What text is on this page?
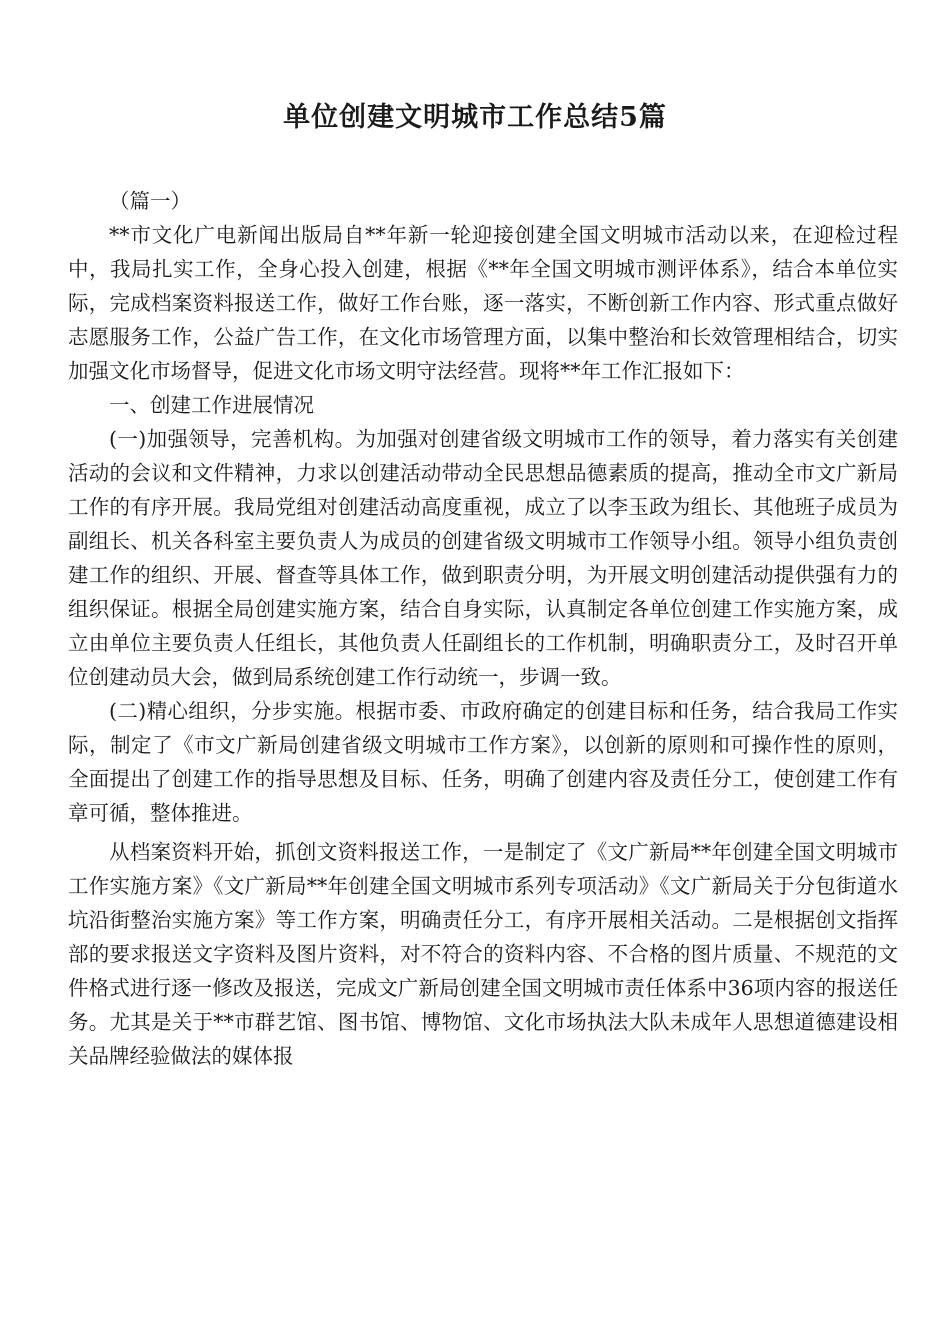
单位创建文明城市工作总结5篇

（篇一）

**市文化广电新闻出版局自**年新一轮迎接创建全国文明城市活动以来，在迎检过程中，我局扎实工作，全身心投入创建，根据《**年全国文明城市测评体系》，结合本单位实际，完成档案资料报送工作，做好工作台账，逐一落实，不断创新工作内容、形式重点做好志愿服务工作，公益广告工作，在文化市场管理方面，以集中整治和长效管理相结合，切实加强文化市场督导，促进文化市场文明守法经营。现将**年工作汇报如下：

一、创建工作进展情况

(一)加强领导，完善机构。为加强对创建省级文明城市工作的领导，着力落实有关创建活动的会议和文件精神，力求以创建活动带动全民思想品德素质的提高，推动全市文广新局工作的有序开展。我局党组对创建活动高度重视，成立了以李玉政为组长、其他班子成员为副组长、机关各科室主要负责人为成员的创建省级文明城市工作领导小组。领导小组负责创建工作的组织、开展、督查等具体工作，做到职责分明，为开展文明创建活动提供强有力的组织保证。根据全局创建实施方案，结合自身实际，认真制定各单位创建工作实施方案，成立由单位主要负责人任组长，其他负责人任副组长的工作机制，明确职责分工，及时召开单位创建动员大会，做到局系统创建工作行动统一，步调一致。

(二)精心组织，分步实施。根据市委、市政府确定的创建目标和任务，结合我局工作实际，制定了《市文广新局创建省级文明城市工作方案》，以创新的原则和可操作性的原则，全面提出了创建工作的指导思想及目标、任务，明确了创建内容及责任分工，使创建工作有章可循，整体推进。

从档案资料开始，抓创文资料报送工作，一是制定了《文广新局**年创建全国文明城市工作实施方案》《文广新局**年创建全国文明城市系列专项活动》《文广新局关于分包街道水坑沿街整治实施方案》等工作方案，明确责任分工，有序开展相关活动。二是根据创文指挥部的要求报送文字资料及图片资料，对不符合的资料内容、不合格的图片质量、不规范的文件格式进行逐一修改及报送，完成文广新局创建全国文明城市责任体系中36项内容的报送任务。尤其是关于**市群艺馆、图书馆、博物馆、文化市场执法大队未成年人思想道德建设相关品牌经验做法的媒体报
